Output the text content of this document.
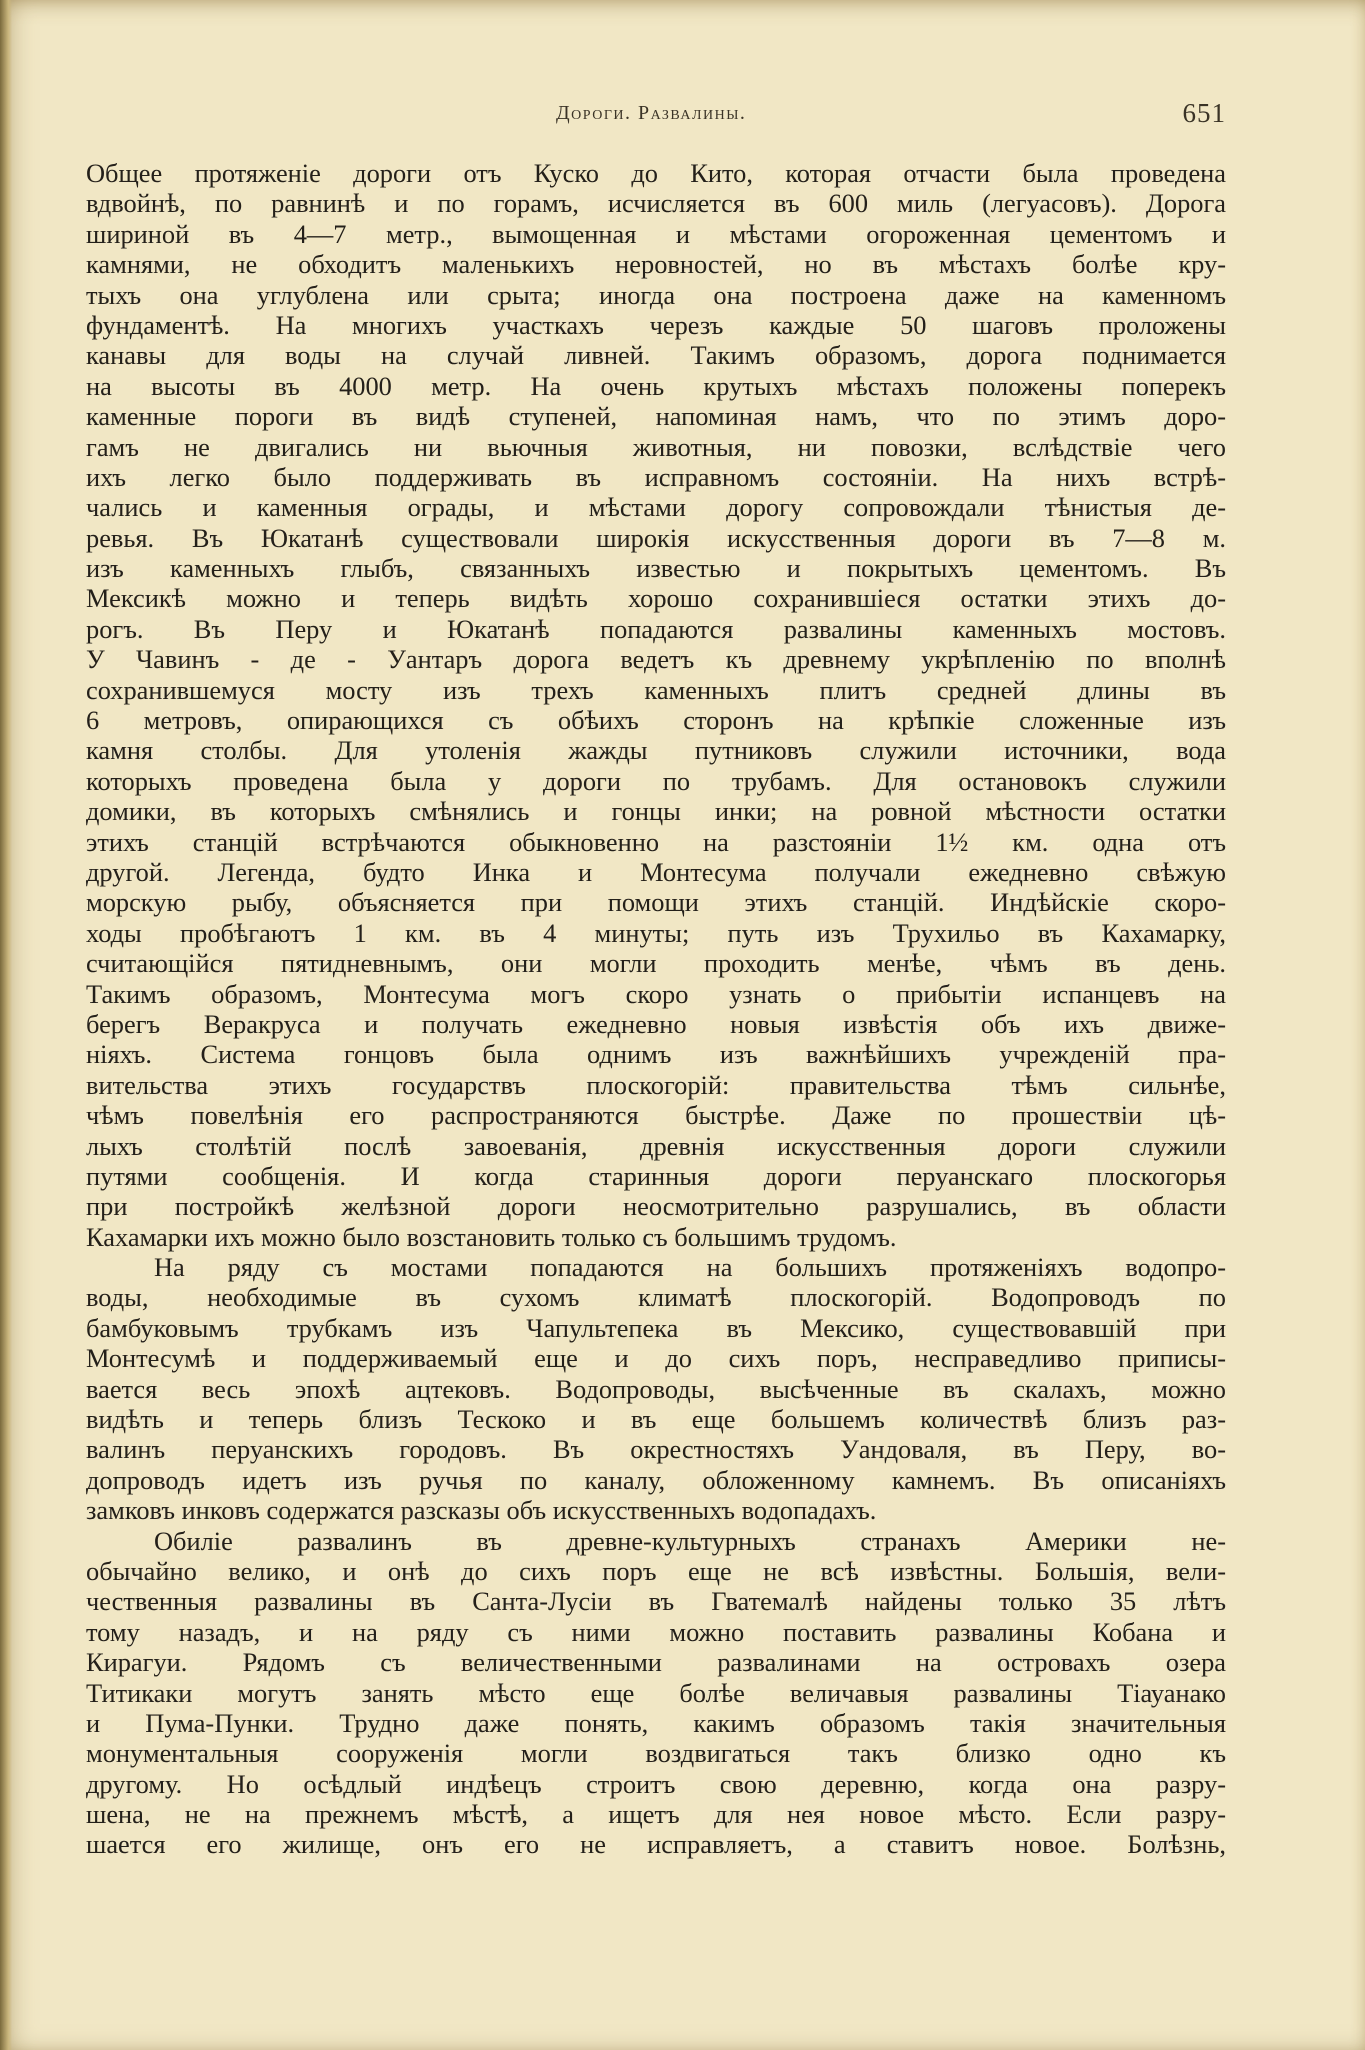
Дороги. Развалины.	651
Общее протяженіе дороги отъ Куско до Кито, которая отчасти была проведена
вдвойнѣ, по равнинѣ и по горамъ, исчисляется въ 600 миль (легуасовъ). Дорога
шириной въ 4—7 метр., вымощенная и мѣстами огороженная цементомъ и
камнями, не обходитъ маленькихъ неровностей, но въ мѣстахъ болѣе кру-
тыхъ она углублена или срыта; иногда она построена даже на каменномъ
фундаментѣ. На многихъ участкахъ черезъ каждые 50 шаговъ проложены
канавы для воды на случай ливней. Такимъ образомъ, дорога поднимается
на высоты въ 4000 метр. На очень крутыхъ мѣстахъ положены поперекъ
каменные пороги въ видѣ ступеней, напоминая намъ, что по этимъ доро-
гамъ не двигались ни вьючныя животныя, ни повозки, вслѣдствіе чего
ихъ легко было поддерживать въ исправномъ состояніи. На нихъ встрѣ-
чались и каменныя ограды, и мѣстами дорогу сопровождали тѣнистыя де-
ревья. Въ Юкатанѣ существовали широкія искусственныя дороги въ 7—8 м.
изъ каменныхъ глыбъ, связанныхъ известью и покрытыхъ цементомъ. Въ
Мексикѣ можно и теперь видѣть хорошо сохранившіеся остатки этихъ до-
рогъ. Въ Перу и Юкатанѣ попадаются развалины каменныхъ мостовъ.
У Чавинъ - де - Уантаръ дорога ведетъ къ древнему укрѣпленію по вполнѣ
сохранившемуся мосту изъ трехъ каменныхъ плитъ средней длины въ
6 метровъ, опирающихся съ обѣихъ сторонъ на крѣпкіе сложенные изъ
камня столбы. Для утоленія жажды путниковъ служили источники, вода
которыхъ проведена была у дороги по трубамъ. Для остановокъ служили
домики, въ которыхъ смѣнялись и гонцы инки; на ровной мѣстности остатки
этихъ станцій встрѣчаются обыкновенно на разстояніи 1½ км. одна отъ
другой. Легенда, будто Инка и Монтесума получали ежедневно свѣжую
морскую рыбу, объясняется при помощи этихъ станцій. Индѣйскіе скоро-
ходы пробѣгаютъ 1 км. въ 4 минуты; путь изъ Трухильо въ Кахамарку,
считающійся пятидневнымъ, они могли проходить менѣе, чѣмъ въ день.
Такимъ образомъ, Монтесума могъ скоро узнать о прибытіи испанцевъ на
берегъ Веракруса и получать ежедневно новыя извѣстія объ ихъ движе-
ніяхъ. Система гонцовъ была однимъ изъ важнѣйшихъ учрежденій пра-
вительства этихъ государствъ плоскогорій: правительства тѣмъ сильнѣе,
чѣмъ повелѣнія его распространяются быстрѣе. Даже по прошествіи цѣ-
лыхъ столѣтій послѣ завоеванія, древнія искусственныя дороги служили
путями сообщенія. И когда старинныя дороги перуанскаго плоскогорья
при постройкѣ желѣзной дороги неосмотрительно разрушались, въ области
Кахамарки ихъ можно было возстановить только съ большимъ трудомъ.
На ряду съ мостами попадаются на большихъ протяженіяхъ водопро-
воды, необходимые въ сухомъ климатѣ плоскогорій. Водопроводъ по
бамбуковымъ трубкамъ изъ Чапультепека въ Мексико, существовавшій при
Монтесумѣ и поддерживаемый еще и до сихъ поръ, несправедливо приписы-
вается весь эпохѣ ацтековъ. Водопроводы, высѣченные въ скалахъ, можно
видѣть и теперь близъ Тескоко и въ еще большемъ количествѣ близъ раз-
валинъ перуанскихъ городовъ. Въ окрестностяхъ Уандоваля, въ Перу, во-
допроводъ идетъ изъ ручья по каналу, обложенному камнемъ. Въ описаніяхъ
замковъ инковъ содержатся разсказы объ искусственныхъ водопадахъ.
Обиліе развалинъ въ древне-культурныхъ странахъ Америки не-
обычайно велико, и онѣ до сихъ поръ еще не всѣ извѣстны. Большія, вели-
чественныя развалины въ Санта-Лусіи въ Гватемалѣ найдены только 35 лѣтъ
тому назадъ, и на ряду съ ними можно поставить развалины Кобана и
Кирагуи. Рядомъ съ величественными развалинами на островахъ озера
Титикаки могутъ занять мѣсто еще болѣе величавыя развалины Тіауанако
и Пума-Пунки. Трудно даже понять, какимъ образомъ такія значительныя
монументальныя сооруженія могли воздвигаться такъ близко одно къ
другому. Но осѣдлый индѣецъ строитъ свою деревню, когда она разру-
шена, не на прежнемъ мѣстѣ, а ищетъ для нея новое мѣсто. Если разру-
шается его жилище, онъ его не исправляетъ, а ставитъ новое. Болѣзнь,
